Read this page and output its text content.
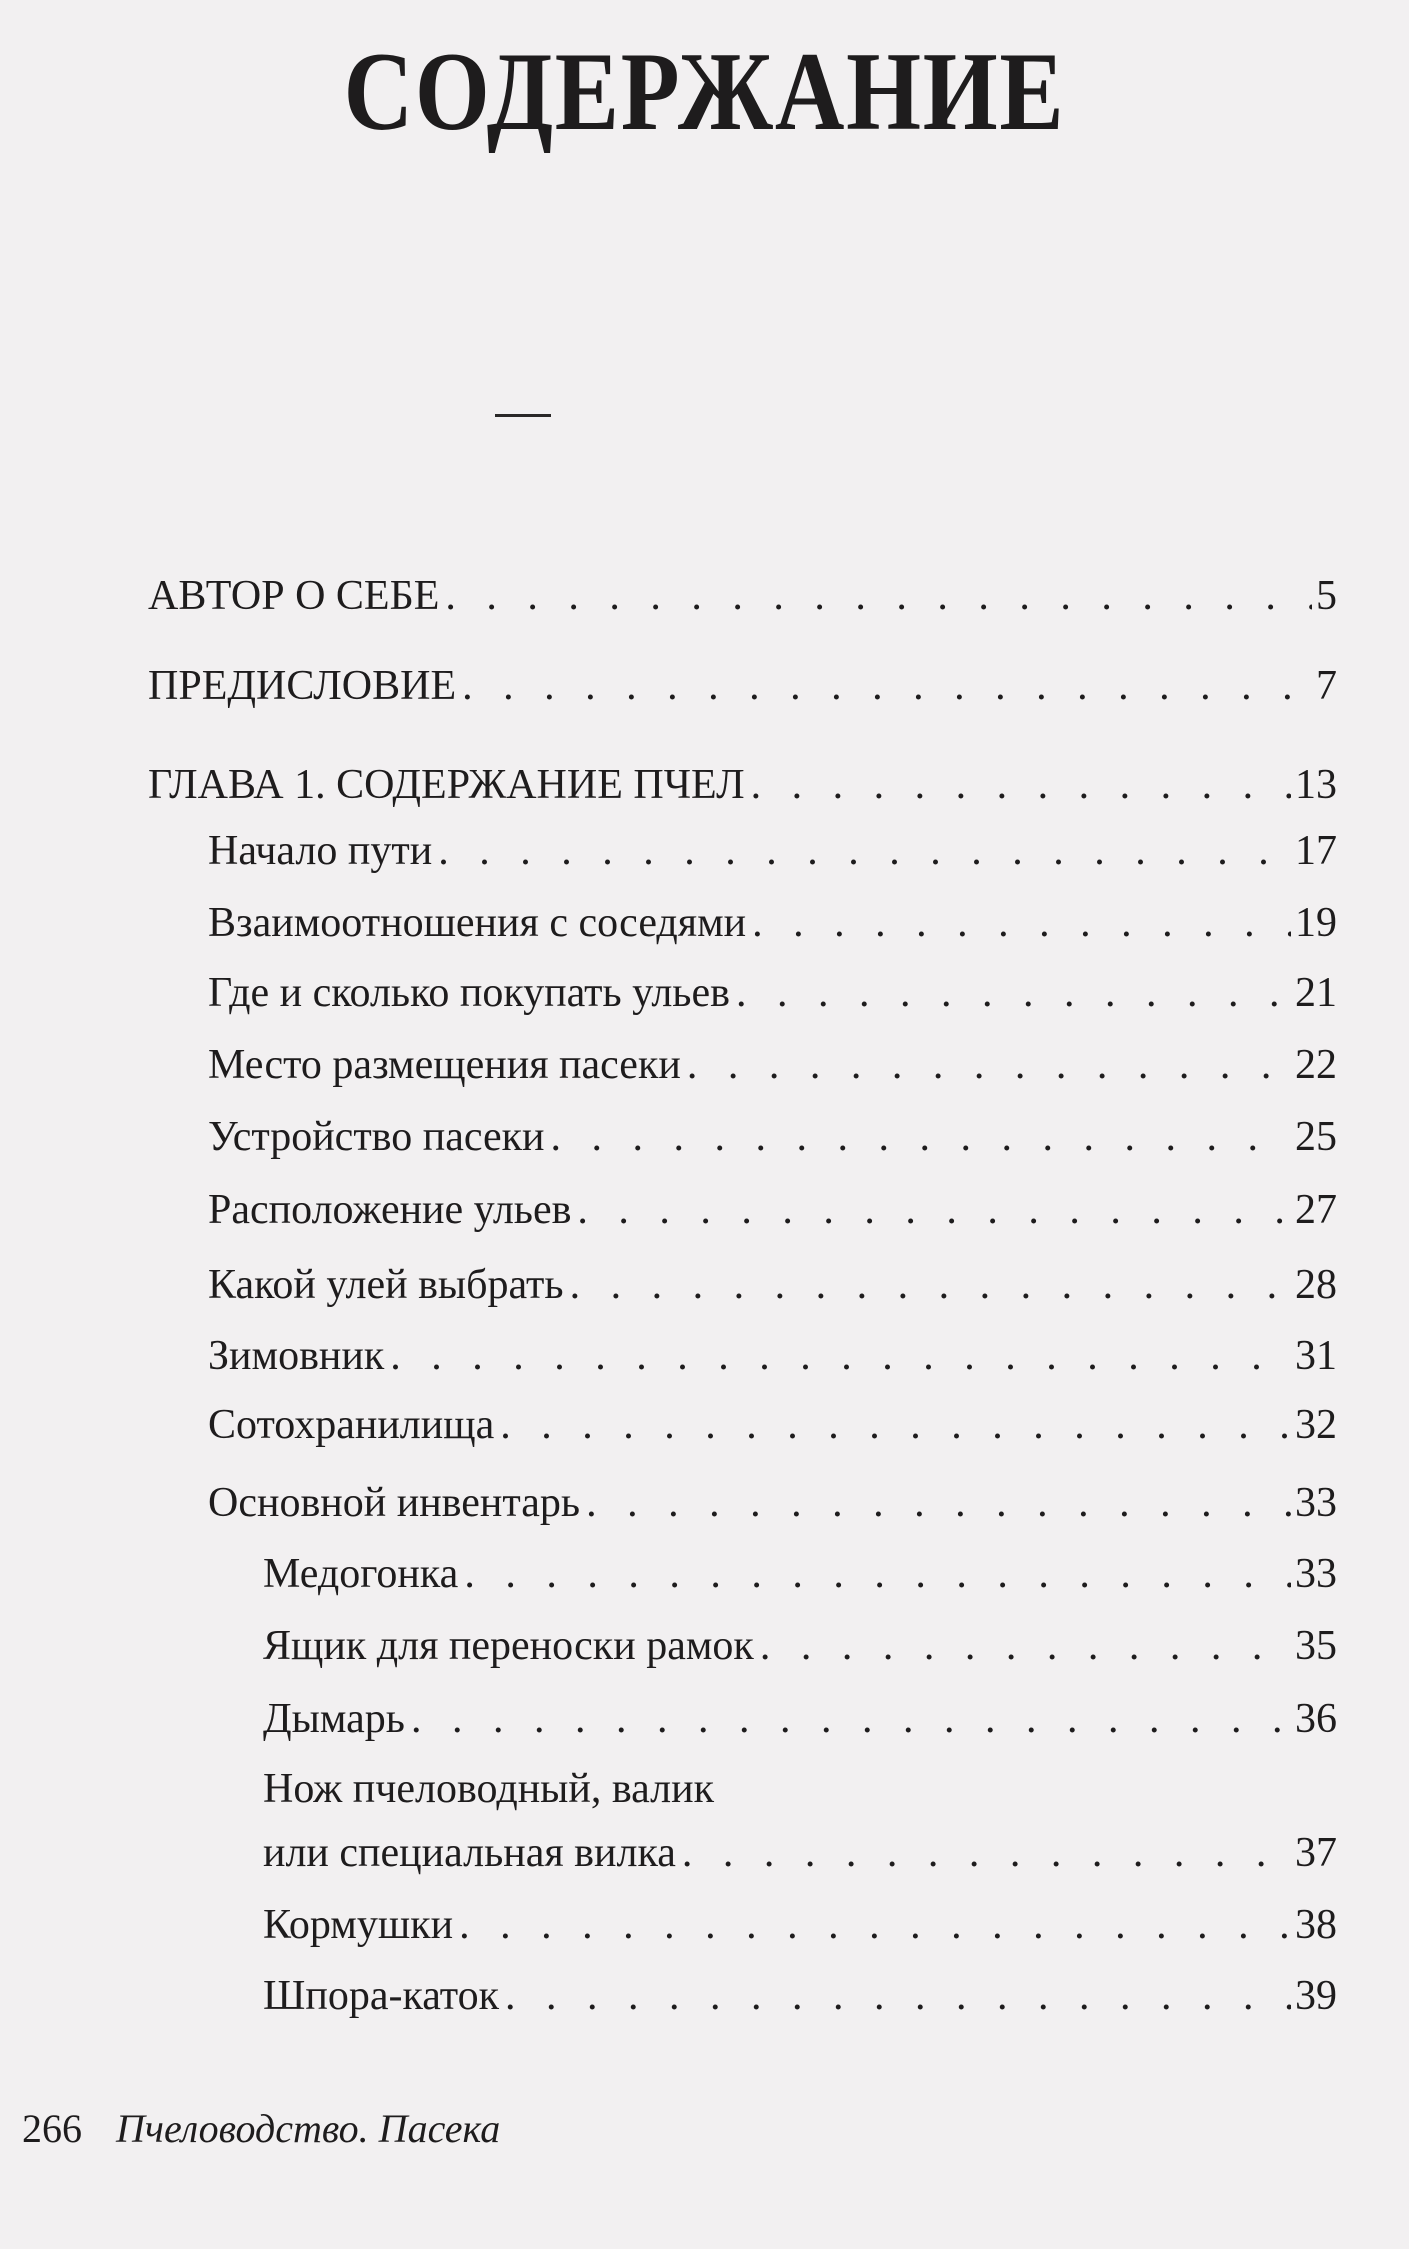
СОДЕРЖАНИЕ
АВТОР О СЕБЕ . . .	5
ПРЕДИСЛОВИЕ . . .	7
ГЛАВА 1. СОДЕРЖАНИЕ ПЧЕЛ . . .	13
Начало пути . . .	17
Взаимоотношения с соседями . . .	19
Где и сколько покупать ульев . . .	21
Место размещения пасеки . . .	22
Устройство пасеки . . .	25
Расположение ульев . . .	27
Какой улей выбрать . . .	28
Зимовник . . .	31
Сотохранилища . . .	32
Основной инвентарь . . .	33
Медогонка . . .	33
Ящик для переноски рамок . . .	35
Дымарь . . .	36
Нож пчеловодный, валик
или специальная вилка . . .	37
Кормушки . . .	38
Шпора-каток . . .	39
266 Пчеловодство. Пасека
